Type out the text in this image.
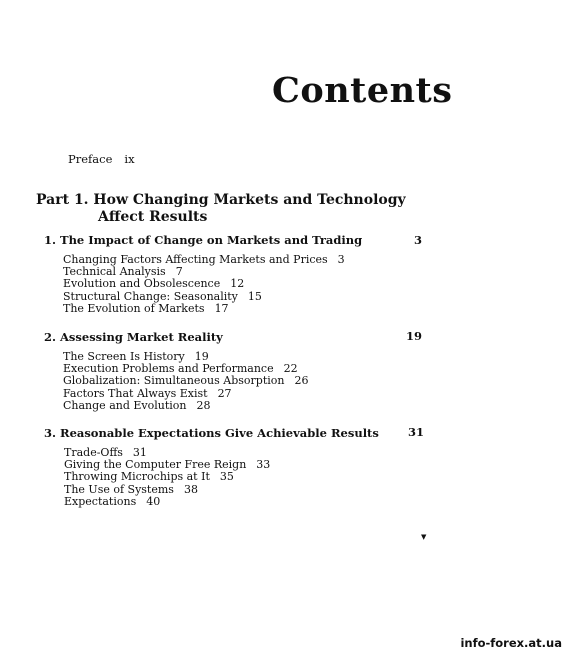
Contents
Preface ix
Part 1. How Changing Markets and Technology
Affect Results
1. The Impact of Change on Markets and Trading	3
Changing Factors Affecting Markets and Prices 3
Technical Analysis 7
Evolution and Obsolescence 12
Structural Change: Seasonality 15
The Evolution of Markets 17
2. Assessing Market Reality	19
The Screen Is History 19
Execution Problems and Performance 22
Globalization: Simultaneous Absorption 26
Factors That Always Exist 27
Change and Evolution 28
3. Reasonable Expectations Give Achievable Results	31
Trade-Offs 31
Giving the Computer Free Reign 33
Throwing Microchips at It 35
The Use of Systems 38
Expectations 40
▼
info-forex.at.ua
